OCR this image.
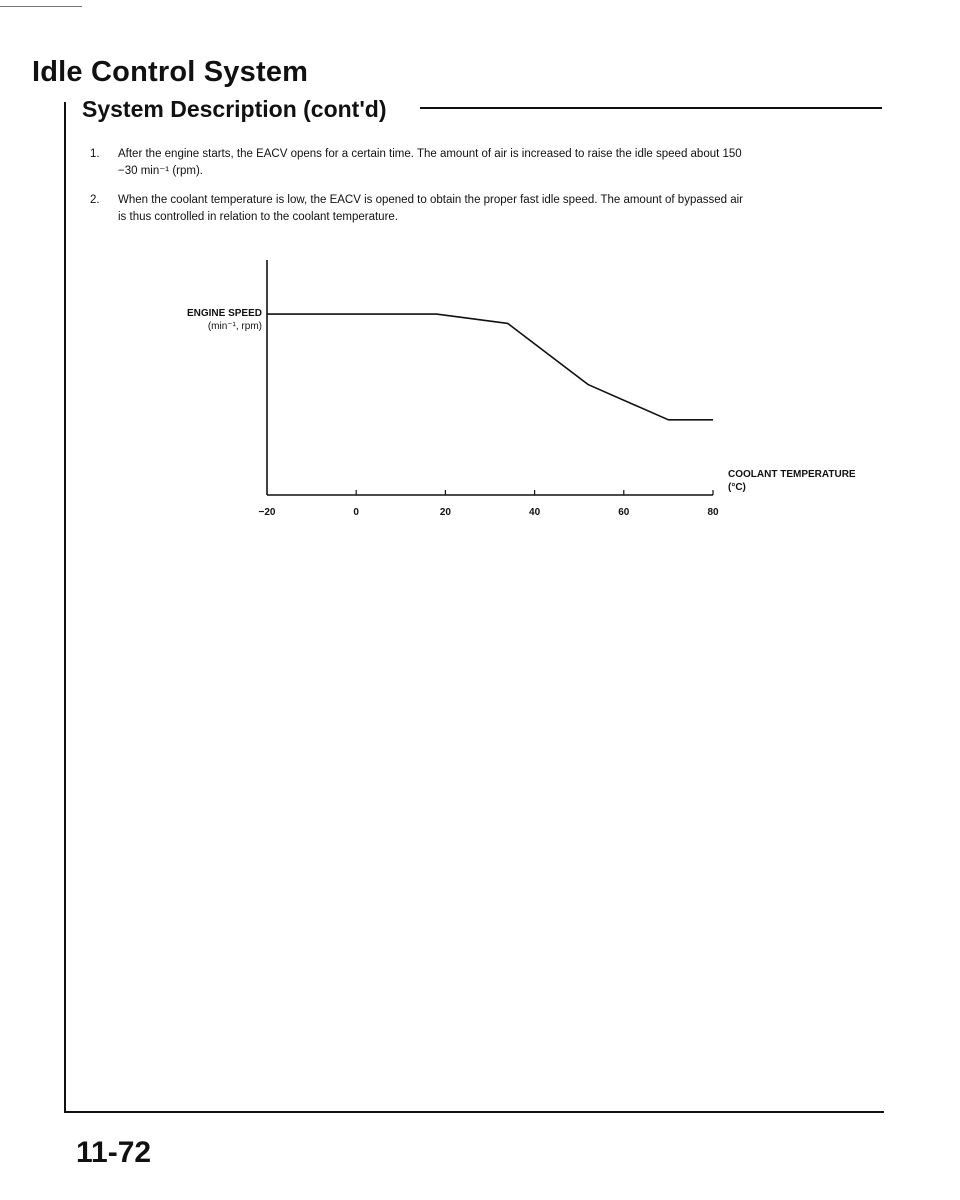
Idle Control System
System Description (cont'd)
1. After the engine starts, the EACV opens for a certain time. The amount of air is increased to raise the idle speed about 150
−30 min⁻¹ (rpm).
2. When the coolant temperature is low, the EACV is opened to obtain the proper fast idle speed. The amount of bypassed air
is thus controlled in relation to the coolant temperature.
ENGINE SPEED
(min⁻¹, rpm)
−20	0	20	40	60	80
COOLANT TEMPERATURE
(°C)

11-72
